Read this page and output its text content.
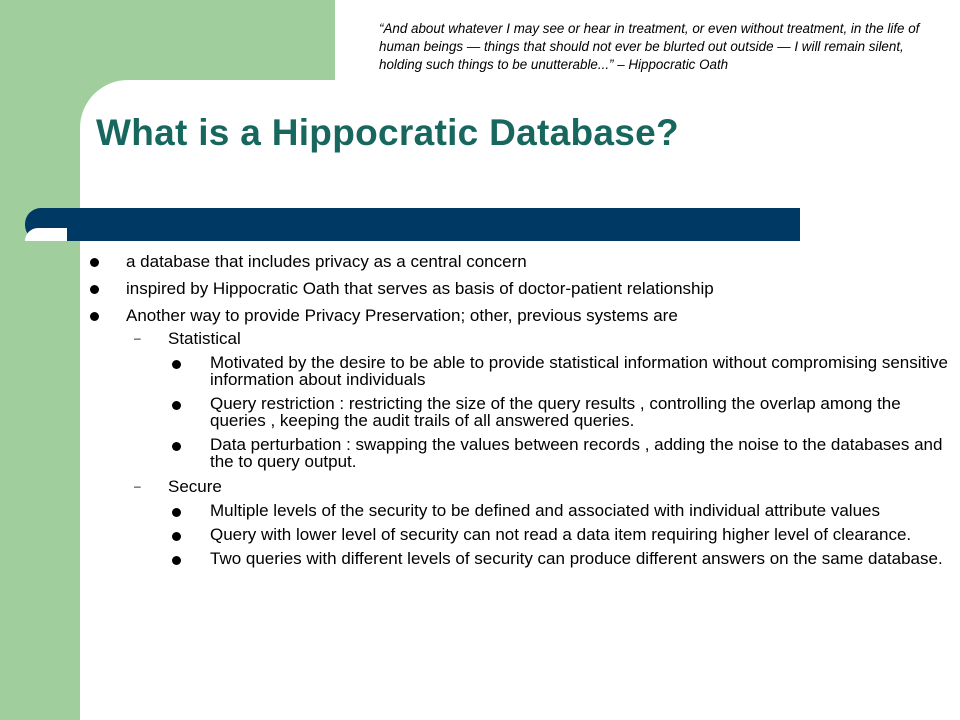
“And about whatever I may see or hear in treatment, or even without treatment, in the life of human beings — things that should not ever be blurted out outside — I will remain silent, holding such things to be unutterable...” – Hippocratic Oath
What is a Hippocratic Database?
a database that includes privacy as a central concern
inspired by Hippocratic Oath that serves as basis of doctor-patient relationship
Another way to provide Privacy Preservation; other, previous systems are
– Statistical
Motivated by the desire to be able to provide statistical information without compromising sensitive information about individuals
Query restriction : restricting the size of the query results , controlling the overlap among the queries , keeping the audit trails of all answered queries.
Data perturbation : swapping the values between records , adding the noise to the databases and the to query output.
– Secure
Multiple levels of the security to be defined and associated with individual attribute values
Query with lower level of security can not read a data item requiring higher level of clearance.
Two queries with different levels of security can produce different answers on the same database.
